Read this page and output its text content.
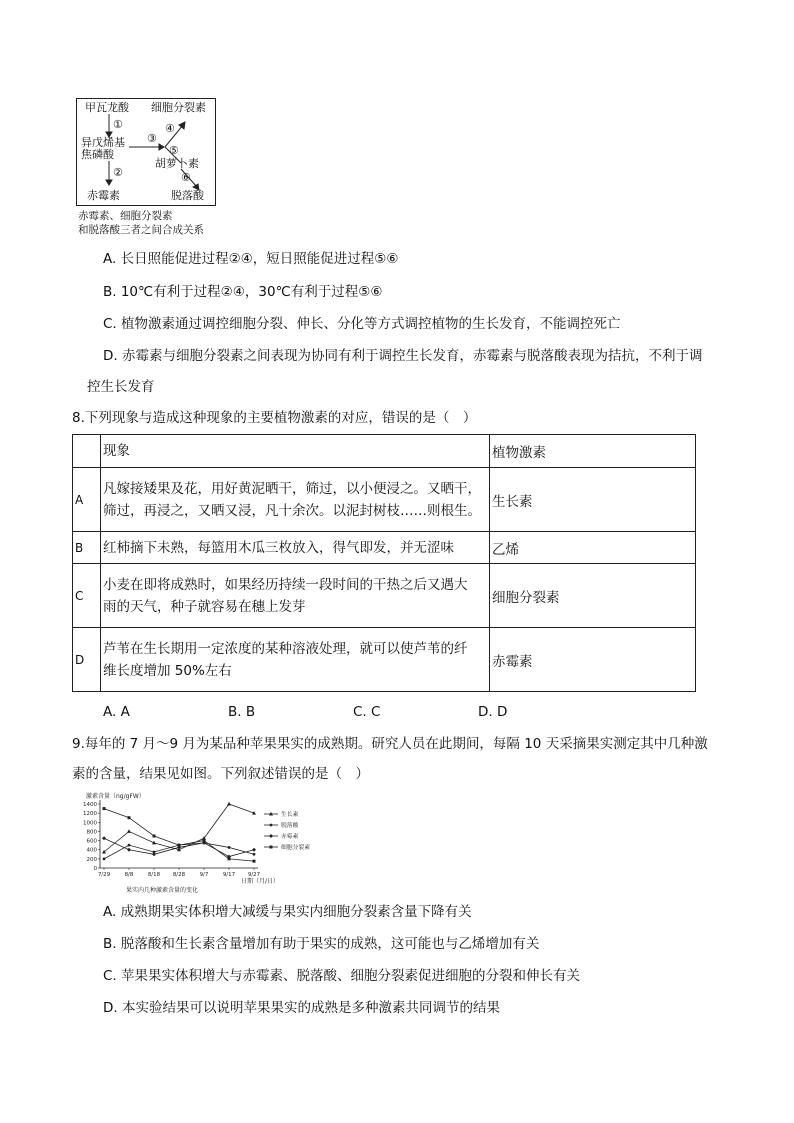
甲瓦龙酸 细胞分裂素
①	④
异戊烯基 ③
焦磷酸	⑤
胡萝卜素
②	⑥
赤霉素	脱落酸
赤霉素、细胞分裂素
和脱落酸三者之间合成关系
A. 长日照能促进过程②④，短日照能促进过程⑤⑥
B. 10℃有利于过程②④，30℃有利于过程⑤⑥
C. 植物激素通过调控细胞分裂、伸长、分化等方式调控植物的生长发育，不能调控死亡
D. 赤霉素与细胞分裂素之间表现为协同有利于调控生长发育，赤霉素与脱落酸表现为拮抗，不利于调
控生长发育
8.下列现象与造成这种现象的主要植物激素的对应，错误的是（　）
	现象	植物激素
A	凡嫁接矮果及花，用好黄泥晒干，筛过，以小便浸之。又晒干，
筛过，再浸之，又晒又浸，凡十余次。以泥封树枝……则根生。	生长素
B	红柿摘下未熟，每篮用木瓜三枚放入，得气即发，并无涩味	乙烯
C	小麦在即将成熟时，如果经历持续一段时间的干热之后又遇大
雨的天气，种子就容易在穗上发芽	细胞分裂素
D	芦苇在生长期用一定浓度的某种溶液处理，就可以使芦苇的纤
维长度增加 50%左右	赤霉素
A. A	B. B	C. C	D. D
9.每年的 7 月～9 月为某品种苹果果实的成熟期。研究人员在此期间，每隔 10 天采摘果实测定其中几种激
素的含量，结果见如图。下列叙述错误的是（　）
激素含量（ng/gFW）
0
200
400
600
800
1000
1200
1400
7/29	8/8	8/18 8/28	9/7	9/17 9/27
生长素
脱落酸
赤霉素
细胞分裂素
日期（月/日）
果实内几种激素含量的变化
A. 成熟期果实体积增大减缓与果实内细胞分裂素含量下降有关
B. 脱落酸和生长素含量增加有助于果实的成熟，这可能也与乙烯增加有关
C. 苹果果实体积增大与赤霉素、脱落酸、细胞分裂素促进细胞的分裂和伸长有关
D. 本实验结果可以说明苹果果实的成熟是多种激素共同调节的结果
